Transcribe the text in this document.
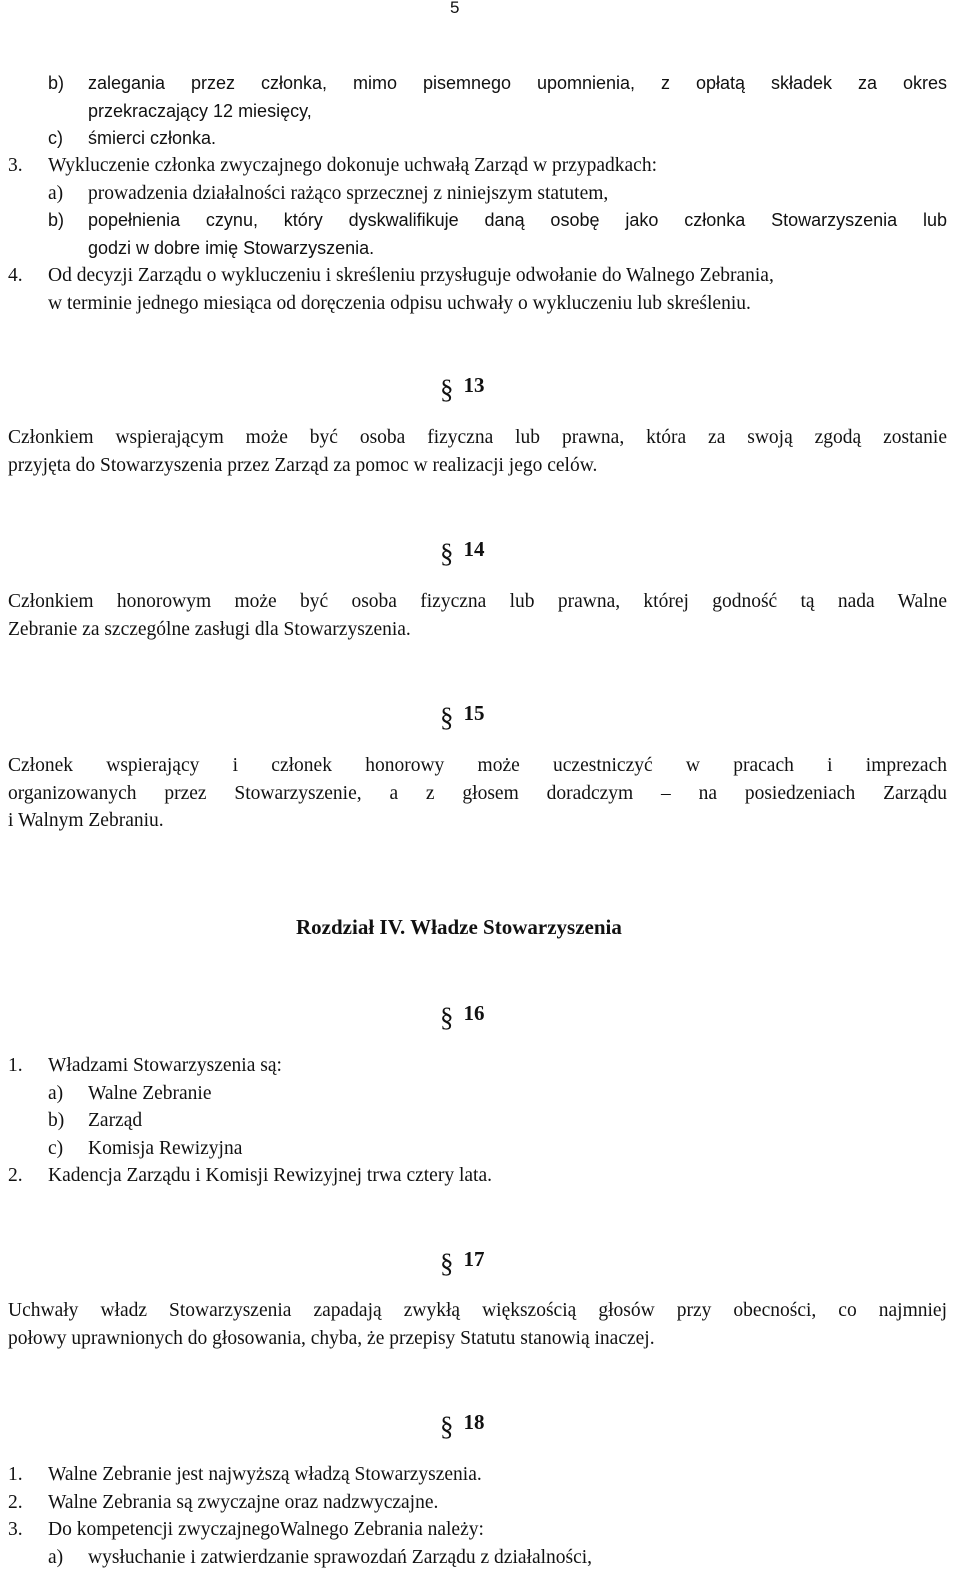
5
b)	zalegania przez członka, mimo pisemnego upomnienia, z opłatą składek za okres
przekraczający 12 miesięcy,
c)	śmierci członka.
3.	Wykluczenie członka zwyczajnego dokonuje uchwałą Zarząd w przypadkach:
a)	prowadzenia działalności rażąco sprzecznej z niniejszym statutem,
b)	popełnienia czynu, który dyskwalifikuje daną osobę jako członka Stowarzyszenia lub
godzi w dobre imię Stowarzyszenia.
4.	Od decyzji Zarządu o wykluczeniu i skreśleniu przysługuje odwołanie do Walnego Zebrania,
w terminie jednego miesiąca od doręczenia odpisu uchwały o wykluczeniu lub skreśleniu.
§ 13
Członkiem wspierającym może być osoba fizyczna lub prawna, która za swoją zgodą zostanie
przyjęta do Stowarzyszenia przez Zarząd za pomoc w realizacji jego celów.
§ 14
Członkiem honorowym może być osoba fizyczna lub prawna, której godność tą nada Walne
Zebranie za szczególne zasługi dla Stowarzyszenia.
§ 15
Członek wspierający i członek honorowy może uczestniczyć w pracach i imprezach
organizowanych przez Stowarzyszenie, a z głosem doradczym – na posiedzeniach Zarządu
i Walnym Zebraniu.
Rozdział IV. Władze Stowarzyszenia
§ 16
1.	Władzami Stowarzyszenia są:
a)	Walne Zebranie
b)	Zarząd
c)	Komisja Rewizyjna
2.	Kadencja Zarządu i Komisji Rewizyjnej trwa cztery lata.
§ 17
Uchwały władz Stowarzyszenia zapadają zwykłą większością głosów przy obecności, co najmniej
połowy uprawnionych do głosowania, chyba, że przepisy Statutu stanowią inaczej.
§ 18
1.	Walne Zebranie jest najwyższą władzą Stowarzyszenia.
2.	Walne Zebrania są zwyczajne oraz nadzwyczajne.
3.	Do kompetencji zwyczajnegoWalnego Zebrania należy:
a)	wysłuchanie i zatwierdzanie sprawozdań Zarządu z działalności,
